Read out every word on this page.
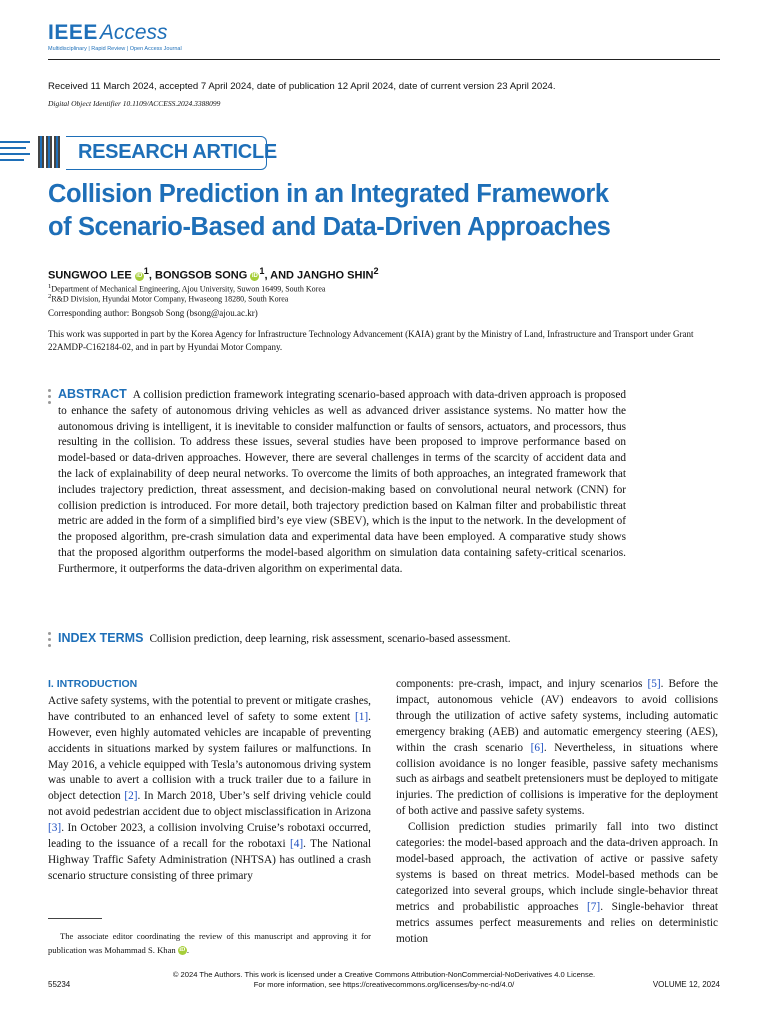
IEEEAccess
Multidisciplinary | Rapid Review | Open Access Journal
Received 11 March 2024, accepted 7 April 2024, date of publication 12 April 2024, date of current version 23 April 2024.
Digital Object Identifier 10.1109/ACCESS.2024.3388099
RESEARCH ARTICLE
Collision Prediction in an Integrated Framework
of Scenario-Based and Data-Driven Approaches
SUNGWOO LEE iD $^1$, BONGSOB SONG iD $^1$, AND JANGHO SHIN$^2$
$^1$Department of Mechanical Engineering, Ajou University, Suwon 16499, South Korea
$^2$R&D Division, Hyundai Motor Company, Hwaseong 18280, South Korea
Corresponding author: Bongsob Song (bsong@ajou.ac.kr)
This work was supported in part by the Korea Agency for Infrastructure Technology Advancement (KAIA) grant by the Ministry of Land, Infrastructure and Transport under Grant 22AMDP-C162184-02, and in part by Hyundai Motor Company.
ABSTRACT A collision prediction framework integrating scenario-based approach with data-driven approach is proposed to enhance the safety of autonomous driving vehicles as well as advanced driver assistance systems. No matter how the autonomous driving is intelligent, it is inevitable to consider malfunction or faults of sensors, actuators, and processors, thus resulting in the collision. To address these issues, several studies have been proposed to improve performance based on model-based or data-driven approaches. However, there are several challenges in terms of the scarcity of accident data and the lack of explainability of deep neural networks. To overcome the limits of both approaches, an integrated framework that includes trajectory prediction, threat assessment, and decision-making based on convolutional neural network (CNN) for collision prediction is introduced. For more detail, both trajectory prediction based on Kalman filter and probabilistic threat metric are added in the form of a simplified bird’s eye view (SBEV), which is the input to the network. In the development of the proposed algorithm, pre-crash simulation data and experimental data have been employed. A comparative study shows that the proposed algorithm outperforms the model-based algorithm on simulation data containing safety-critical scenarios. Furthermore, it outperforms the data-driven algorithm on experimental data.
INDEX TERMS Collision prediction, deep learning, risk assessment, scenario-based assessment.
I. INTRODUCTION

Active safety systems, with the potential to prevent or mitigate crashes, have contributed to an enhanced level of safety to some extent [1]. However, even highly automated vehicles are incapable of preventing accidents in situations marked by system failures or malfunctions. In May 2016, a vehicle equipped with Tesla’s autonomous driving system was unable to avert a collision with a truck trailer due to a failure in object detection [2]. In March 2018, Uber’s self driving vehicle could not avoid pedestrian accident due to object misclassification in Arizona [3]. In October 2023, a collision involving Cruise’s robotaxi occurred, leading to the issuance of a recall for the robotaxi [4]. The National Highway Traffic Safety Administration (NHTSA) has outlined a crash scenario structure consisting of three primary

The associate editor coordinating the review of this manuscript and approving it for publication was Mohammad S. Khan iD .

components: pre-crash, impact, and injury scenarios [5]. Before the impact, autonomous vehicle (AV) endeavors to avoid collisions through the utilization of active safety systems, including automatic emergency braking (AEB) and automatic emergency steering (AES), within the crash scenario [6]. Nevertheless, in situations where collision avoidance is no longer feasible, passive safety mechanisms such as airbags and seatbelt pretensioners must be deployed to mitigate injuries. The prediction of collisions is imperative for the deployment of both active and passive safety systems.

Collision prediction studies primarily fall into two distinct categories: the model-based approach and the data-driven approach. In model-based approach, the activation of active or passive safety systems is based on threat metrics. Model-based methods can be categorized into several groups, which include single-behavior threat metrics and probabilistic approaches [7]. Single-behavior threat metrics assumes perfect measurements and relies on deterministic motion

© 2024 The Authors. This work is licensed under a Creative Commons Attribution-NonCommercial-NoDerivatives 4.0 License.
For more information, see https://creativecommons.org/licenses/by-nc-nd/4.0/
55234	VOLUME 12, 2024
